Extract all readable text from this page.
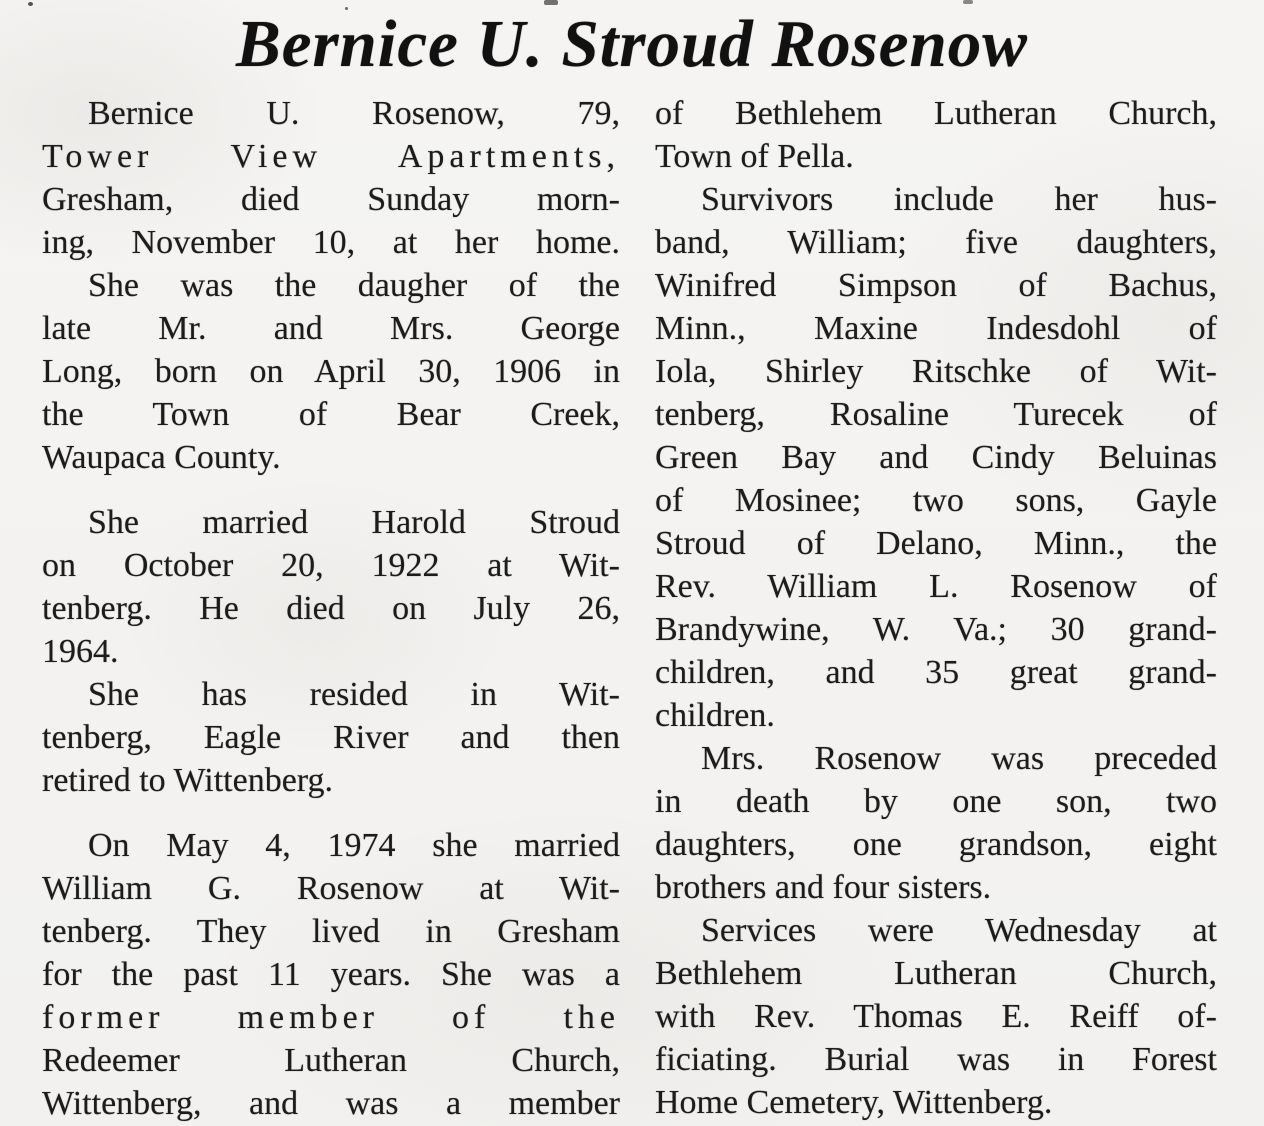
Bernice U. Stroud Rosenow
Bernice U. Rosenow, 79,
Tower View Apartments,
Gresham, died Sunday morn-
ing, November 10, at her home.
She was the daugher of the
late Mr. and Mrs. George
Long, born on April 30, 1906 in
the Town of Bear Creek,
Waupaca County.
She married Harold Stroud
on October 20, 1922 at Wit-
tenberg. He died on July 26,
1964.
She has resided in Wit-
tenberg, Eagle River and then
retired to Wittenberg.
On May 4, 1974 she married
William G. Rosenow at Wit-
tenberg. They lived in Gresham
for the past 11 years. She was a
former member of the
Redeemer Lutheran Church,
Wittenberg, and was a member
of Bethlehem Lutheran Church,
Town of Pella.
Survivors include her hus-
band, William; five daughters,
Winifred Simpson of Bachus,
Minn., Maxine Indesdohl of
Iola, Shirley Ritschke of Wit-
tenberg, Rosaline Turecek of
Green Bay and Cindy Beluinas
of Mosinee; two sons, Gayle
Stroud of Delano, Minn., the
Rev. William L. Rosenow of
Brandywine, W. Va.; 30 grand-
children, and 35 great grand-
children.
Mrs. Rosenow was preceded
in death by one son, two
daughters, one grandson, eight
brothers and four sisters.
Services were Wednesday at
Bethlehem Lutheran Church,
with Rev. Thomas E. Reiff of-
ficiating. Burial was in Forest
Home Cemetery, Wittenberg.
